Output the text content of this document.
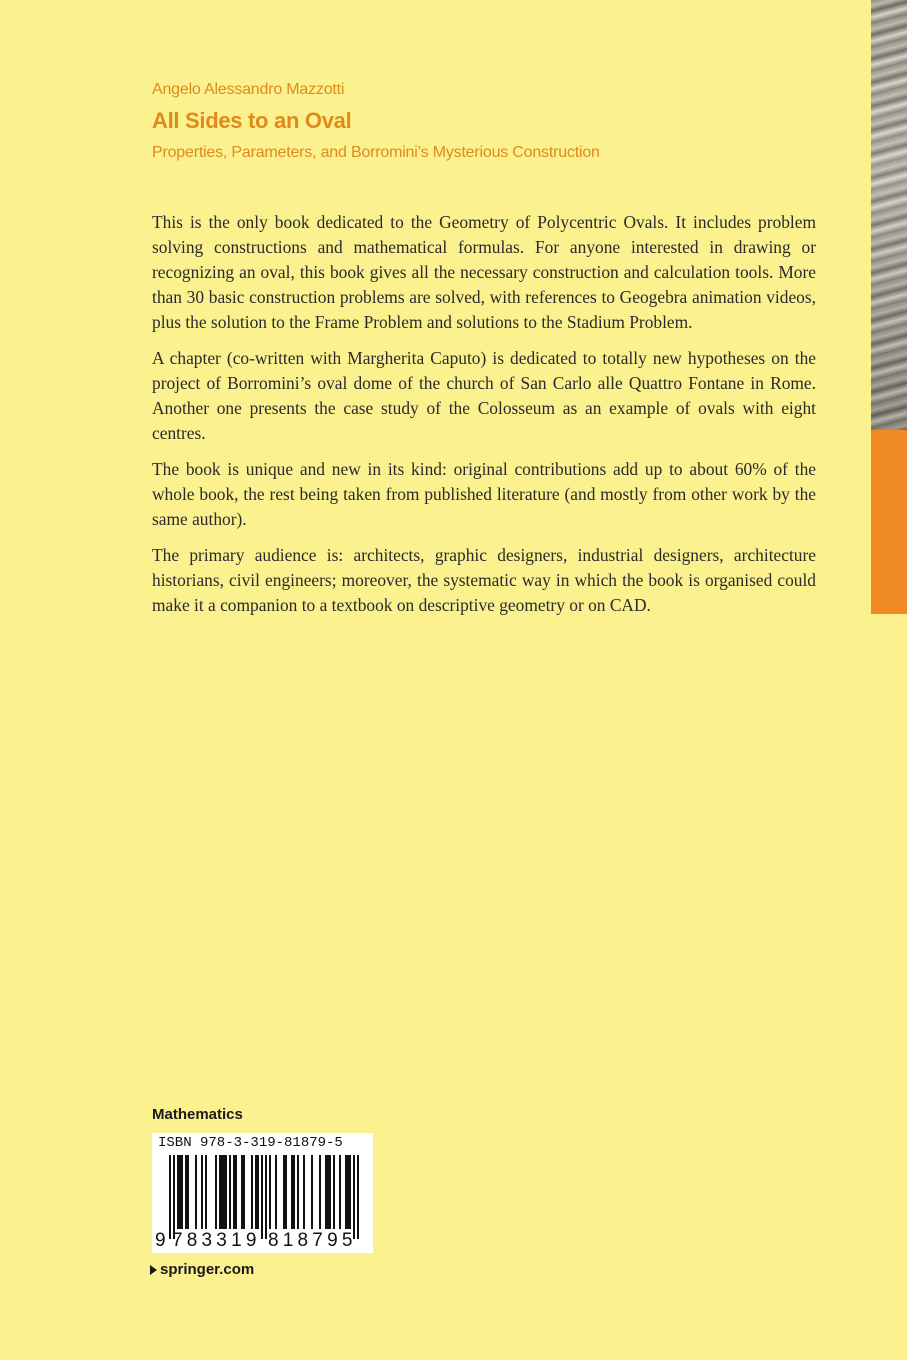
Angelo Alessandro Mazzotti
All Sides to an Oval
Properties, Parameters, and Borromini’s Mysterious Construction

This is the only book dedicated to the Geometry of Polycentric Ovals. It includes problem solving constructions and mathematical formulas. For anyone interested in drawing or recognizing an oval, this book gives all the necessary construction and calculation tools. More than 30 basic construction problems are solved, with references to Geogebra animation videos, plus the solution to the Frame Problem and solutions to the Stadium Problem.

A chapter (co-written with Margherita Caputo) is dedicated to totally new hypotheses on the project of Borromini’s oval dome of the church of San Carlo alle Quattro Fontane in Rome. Another one presents the case study of the Colosseum as an example of ovals with eight centres.

The book is unique and new in its kind: original contributions add up to about 60% of the whole book, the rest being taken from published literature (and mostly from other work by the same author).

The primary audience is: architects, graphic designers, industrial designers, architecture historians, civil engineers; moreover, the systematic way in which the book is organised could make it a companion to a textbook on descriptive geometry or on CAD.

Mathematics
ISBN 978-3-319-81879-5
9 783319 818795
springer.com
